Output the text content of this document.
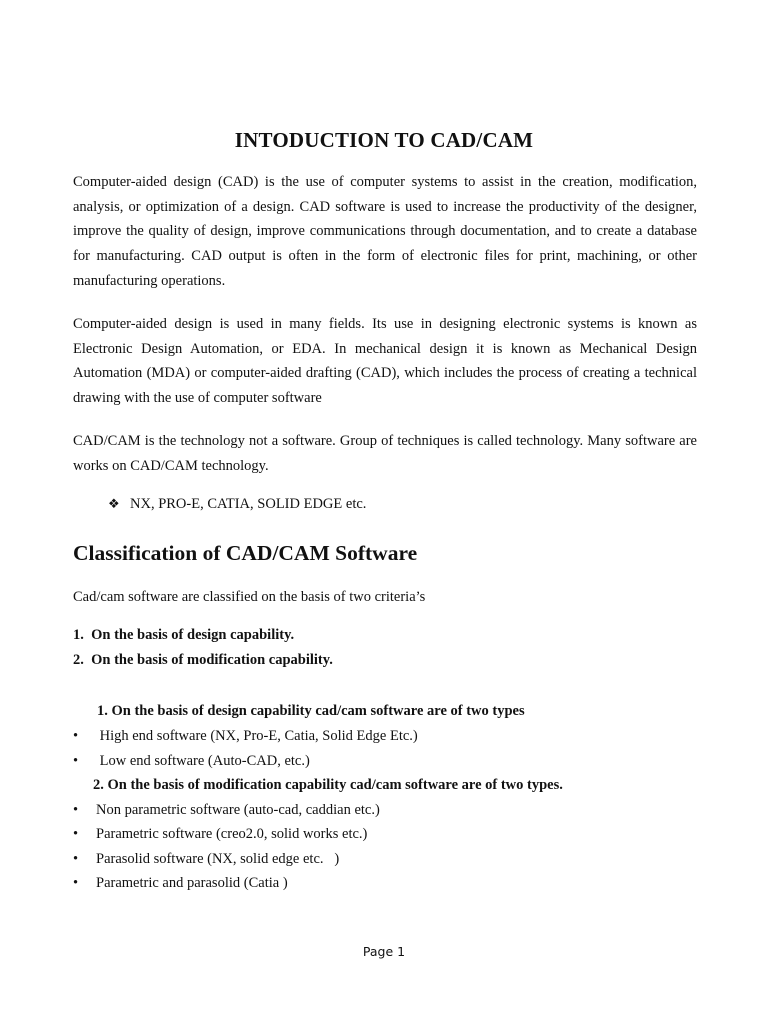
INTODUCTION TO CAD/CAM

Computer-aided design (CAD) is the use of computer systems to assist in the creation, modification, analysis, or optimization of a design. CAD software is used to increase the productivity of the designer, improve the quality of design, improve communications through documentation, and to create a database for manufacturing. CAD output is often in the form of electronic files for print, machining, or other manufacturing operations.

Computer-aided design is used in many fields. Its use in designing electronic systems is known as Electronic Design Automation, or EDA. In mechanical design it is known as Mechanical Design Automation (MDA) or computer-aided drafting (CAD), which includes the process of creating a technical drawing with the use of computer software

CAD/CAM is the technology not a software. Group of techniques is called technology. Many software are works on CAD/CAM technology.

❖ NX, PRO-E, CATIA, SOLID EDGE etc.
Classification of CAD/CAM Software
Cad/cam software are classified on the basis of two criteria’s
1.  On the basis of design capability.
2.  On the basis of modification capability.
1. On the basis of design capability cad/cam software are of two types
• High end software (NX, Pro-E, Catia, Solid Edge Etc.)
• Low end software (Auto-CAD, etc.)
2. On the basis of modification capability cad/cam software are of two types.
• Non parametric software (auto-cad, caddian etc.)
• Parametric software (creo2.0, solid works etc.)
• Parasolid software (NX, solid edge etc.   )
• Parametric and parasolid (Catia )
Page 1
